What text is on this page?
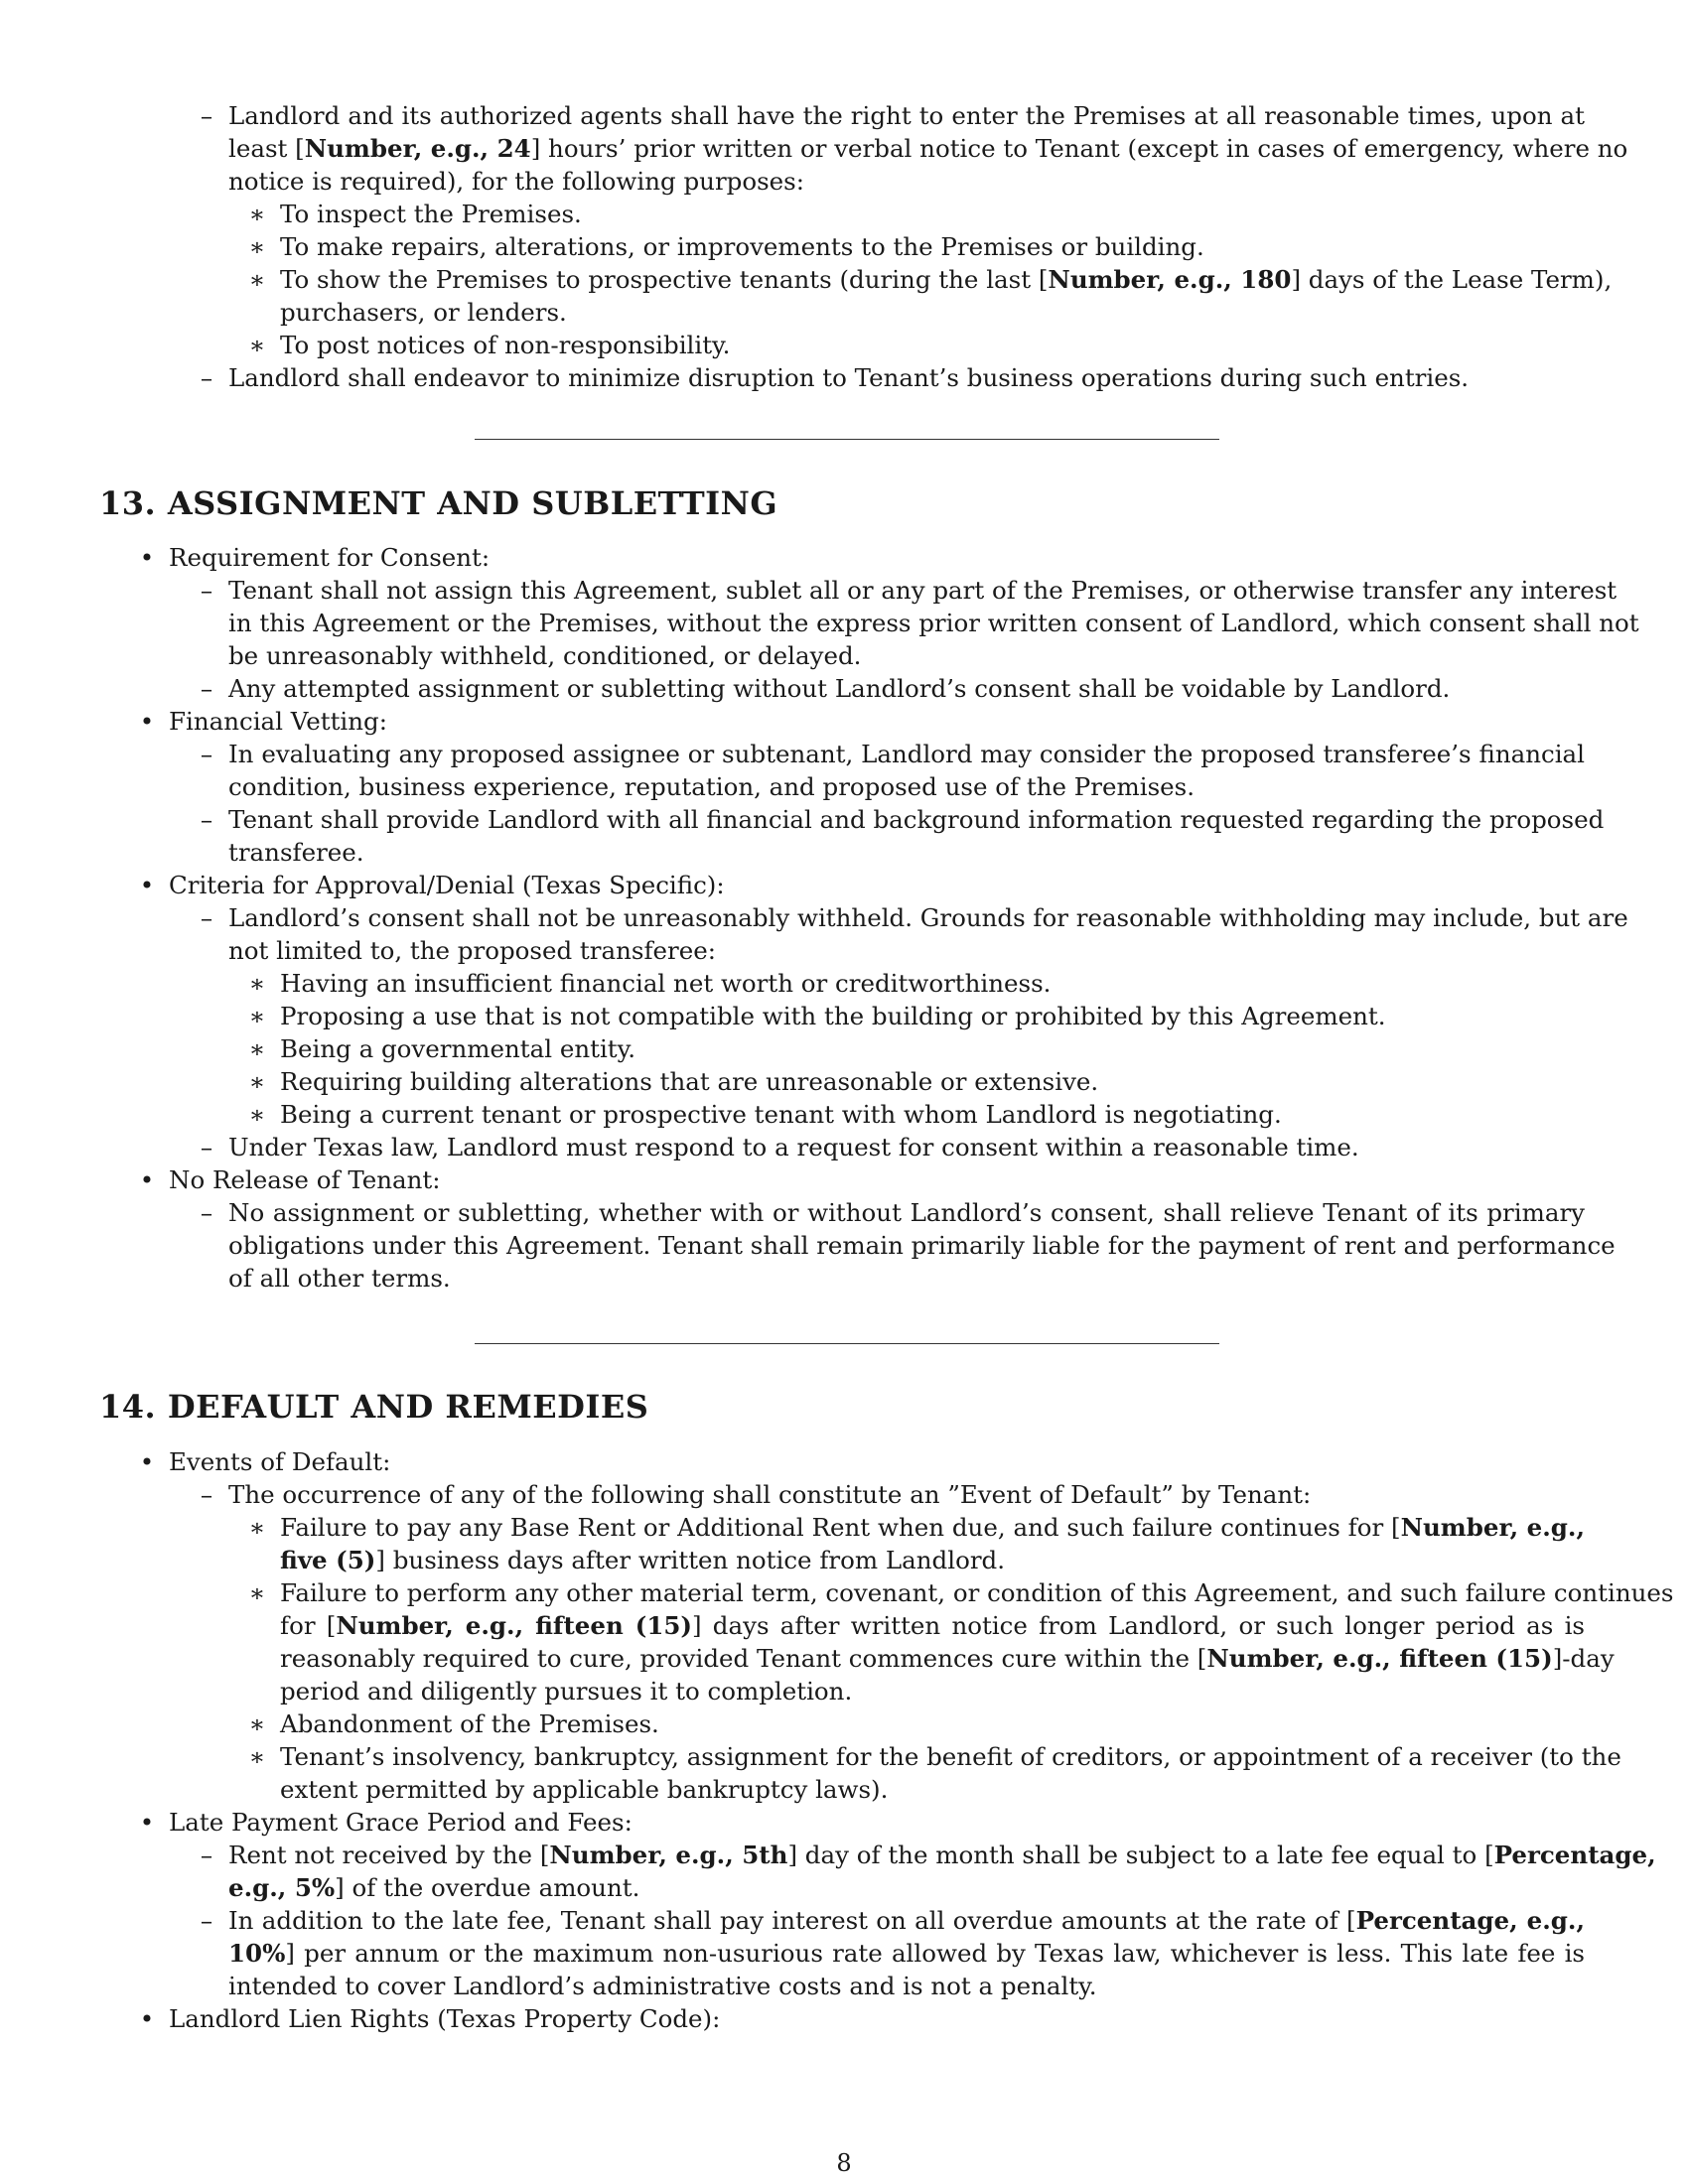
– Landlord and its authorized agents shall have the right to enter the Premises at all reasonable times, upon at
least [Number, e.g., 24] hours’ prior written or verbal notice to Tenant (except in cases of emergency, where no
notice is required), for the following purposes:
∗ To inspect the Premises.
∗ To make repairs, alterations, or improvements to the Premises or building.
∗ To show the Premises to prospective tenants (during the last [Number, e.g., 180] days of the Lease Term),
purchasers, or lenders.
∗ To post notices of non-responsibility.
– Landlord shall endeavor to minimize disruption to Tenant’s business operations during such entries.
13. ASSIGNMENT AND SUBLETTING
• Requirement for Consent:
– Tenant shall not assign this Agreement, sublet all or any part of the Premises, or otherwise transfer any interest
in this Agreement or the Premises, without the express prior written consent of Landlord, which consent shall not
be unreasonably withheld, conditioned, or delayed.
– Any attempted assignment or subletting without Landlord’s consent shall be voidable by Landlord.
• Financial Vetting:
– In evaluating any proposed assignee or subtenant, Landlord may consider the proposed transferee’s financial
condition, business experience, reputation, and proposed use of the Premises.
– Tenant shall provide Landlord with all financial and background information requested regarding the proposed
transferee.
• Criteria for Approval/Denial (Texas Specific):
– Landlord’s consent shall not be unreasonably withheld. Grounds for reasonable withholding may include, but are
not limited to, the proposed transferee:
∗ Having an insufficient financial net worth or creditworthiness.
∗ Proposing a use that is not compatible with the building or prohibited by this Agreement.
∗ Being a governmental entity.
∗ Requiring building alterations that are unreasonable or extensive.
∗ Being a current tenant or prospective tenant with whom Landlord is negotiating.
– Under Texas law, Landlord must respond to a request for consent within a reasonable time.
• No Release of Tenant:
– No assignment or subletting, whether with or without Landlord’s consent, shall relieve Tenant of its primary
obligations under this Agreement. Tenant shall remain primarily liable for the payment of rent and performance
of all other terms.
14. DEFAULT AND REMEDIES
• Events of Default:
– The occurrence of any of the following shall constitute an ”Event of Default” by Tenant:
∗ Failure to pay any Base Rent or Additional Rent when due, and such failure continues for [Number, e.g.,
five (5)] business days after written notice from Landlord.
∗ Failure to perform any other material term, covenant, or condition of this Agreement, and such failure continues
for [Number, e.g., fifteen (15)] days after written notice from Landlord, or such longer period as is
reasonably required to cure, provided Tenant commences cure within the [Number, e.g., fifteen (15)]-day
period and diligently pursues it to completion.
∗ Abandonment of the Premises.
∗ Tenant’s insolvency, bankruptcy, assignment for the benefit of creditors, or appointment of a receiver (to the
extent permitted by applicable bankruptcy laws).
• Late Payment Grace Period and Fees:
– Rent not received by the [Number, e.g., 5th] day of the month shall be subject to a late fee equal to [Percentage,
e.g., 5%] of the overdue amount.
– In addition to the late fee, Tenant shall pay interest on all overdue amounts at the rate of [Percentage, e.g.,
10%] per annum or the maximum non-usurious rate allowed by Texas law, whichever is less. This late fee is
intended to cover Landlord’s administrative costs and is not a penalty.
• Landlord Lien Rights (Texas Property Code):
8
